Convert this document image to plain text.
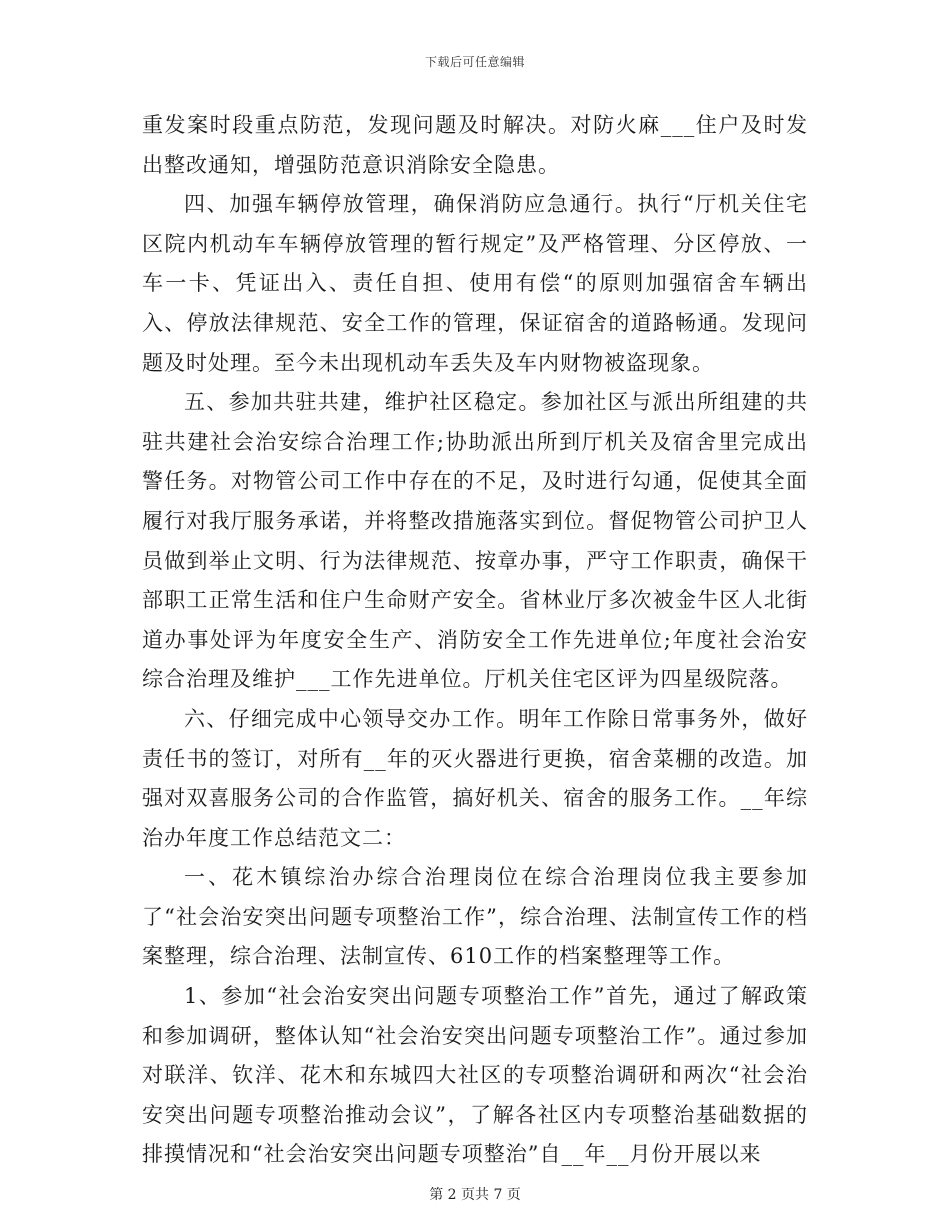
下载后可任意编辑

重发案时段重点防范，发现问题及时解决。对防火麻___住户及时发出整改通知，增强防范意识消除安全隐患。

四、加强车辆停放管理，确保消防应急通行。执行“厅机关住宅区院内机动车车辆停放管理的暂行规定”及严格管理、分区停放、一车一卡、凭证出入、责任自担、使用有偿“的原则加强宿舍车辆出入、停放法律规范、安全工作的管理，保证宿舍的道路畅通。发现问题及时处理。至今未出现机动车丢失及车内财物被盗现象。

五、参加共驻共建，维护社区稳定。参加社区与派出所组建的共驻共建社会治安综合治理工作;协助派出所到厅机关及宿舍里完成出警任务。对物管公司工作中存在的不足，及时进行勾通，促使其全面履行对我厅服务承诺，并将整改措施落实到位。督促物管公司护卫人员做到举止文明、行为法律规范、按章办事，严守工作职责，确保干部职工正常生活和住户生命财产安全。省林业厅多次被金牛区人北街道办事处评为年度安全生产、消防安全工作先进单位;年度社会治安综合治理及维护___工作先进单位。厅机关住宅区评为四星级院落。

六、仔细完成中心领导交办工作。明年工作除日常事务外，做好责任书的签订，对所有__年的灭火器进行更换，宿舍菜棚的改造。加强对双喜服务公司的合作监管，搞好机关、宿舍的服务工作。__年综治办年度工作总结范文二：

一、花木镇综治办综合治理岗位在综合治理岗位我主要参加了“社会治安突出问题专项整治工作”，综合治理、法制宣传工作的档案整理，综合治理、法制宣传、610工作的档案整理等工作。

1、参加“社会治安突出问题专项整治工作”首先，通过了解政策和参加调研，整体认知“社会治安突出问题专项整治工作”。通过参加对联洋、钦洋、花木和东城四大社区的专项整治调研和两次“社会治安突出问题专项整治推动会议”，了解各社区内专项整治基础数据的排摸情况和“社会治安突出问题专项整治”自__年__月份开展以来

第 2 页共 7 页
